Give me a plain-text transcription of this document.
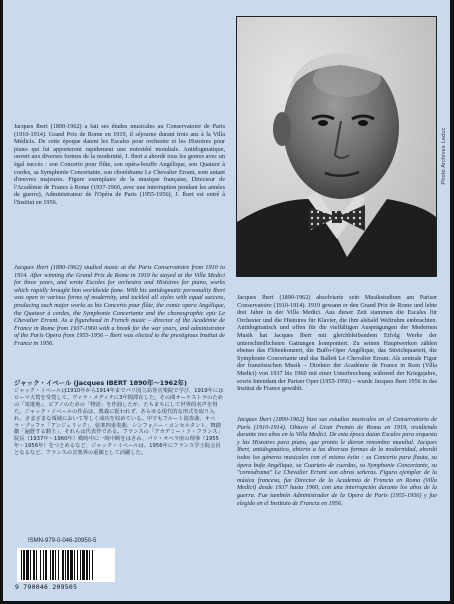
Photo Archives Leduc

Jacques Ibert (1890-1962) a fait ses études musicales au Conservatoire de Paris (1910-1914). Grand Prix de Rome en 1919, il séjourne durant trois ans à la Villa Médicis. De cette époque datent les Escales pour orchestre et les Histoires pour piano qui lui apporteront rapidement une notoriété mondiale. Antidogmatique, ouvert aux diverses formes de la modernité, J. Ibert a abordé tous les genres avec un égal succès : son Concerto pour flûte, son opéra-bouffe Angélique, son Quatuor à cordes, sa Symphonie Concertante, son chorédrame Le Chevalier Errant, sont autant d'œuvres majeures. Figure exemplaire de la musique française, Directeur de l'Académie de France à Rome (1937-1960, avec une interruption pendant les années de guerre), Administrateur de l'Opéra de Paris (1955-1956), J. Ibert est entré à l'Institut en 1956.

Jacques Ibert (1890-1962) studied music at the Paris Conservatoire from 1910 to 1914. After winning the Grand Prix de Rome in 1919 he stayed at the Villa Medici for three years, and wrote Escales for orchestra and Histoires for piano, works which rapidly brought him worldwide fame. With his antidogmatic personality Ibert was open to various forms of modernity, and tackled all styles with equal success, producing such major works as his Concerto pour flûte, the comic opera Angélique, the Quatuor à cordes, the Symphonie Concertante and the choreographic epic Le Chevalier Errant. As a figurehead in French music – director of the Académie de France in Rome from 1937-1960 with a break for the war years, and administrator of the Paris Opera from 1955-1956 – Ibert was elected to the prestigious Institut de France in 1956.

ジャック・イベール (Jacques IBERT 1890年〜1962年)

ジャック・イベールは1910年から1914年までパリ国立高等音楽院で学び、1919年にはローマ大賞を受賞して、ヴィラ・メディチに3年間滞在した。その間オーケストラのための「寄港地」、ピアノのための「物語」を作曲したが、たちまちにして世界的名声を得た。ジャック・イベールの作品は、教義に捉われず、あらゆる現代的な形式を取り入れ、さまざまな領域において等しく成功を収めている。中でもフルート協奏曲、オペラ・ブッファ「アンジェリック」、弦楽四重奏曲、シンフォニー・コンセルタント、舞踏劇「遍歴する騎士」、それらは代表作である。フランスの「アカデミー・ド・フランス」院長（1937年〜1960年）戦時中に一時中断をはさみ、パリ・オペラ座の理事（1955年〜1956年）をつとめるなど、ジャック・イベールは、1956年にフランス学士院会員となるなど、フランスの音楽界の重鎮として活躍した。

Jacques Ibert (1890-1962) absolvierte sein Musikstudium am Pariser Conservatoire (1910-1914). 1919 gewann er den Grand Prix de Rome und lebte drei Jahre in der Villa Medici. Aus dieser Zeit stammen die Escales für Orchester und die Histoires für Klavier, die ihm alsbald Weltruhm einbrachten. Antidogmatisch und offen für die vielfältigen Ausprägungen der Modernen Musik hat Jacques Ibert mit gleichbleibendem Erfolg Werke der unterschiedlichsten Gattungen komponiert. Zu seinen Hauptwerken zählen ebenso das Flötenkonzert, die Buffo-Oper Angélique, das Streichquartett, die Symphonie Concertante und das Ballett Le Chevalier Errant. Als zentrale Figur der französischen Musik – Direktor der Académie de France in Rom (Villa Medici) von 1937 bis 1960 mit einer Unterbrechung während der Kriegsjahre, sowie Intendant der Pariser Oper (1955-1956) – wurde Jacques Ibert 1956 in das Institut de France gewählt.

Jacques Ibert (1890-1962) hizo sus estudios musicales en el Conservatorio de París (1910-1914). Obtuvo el Gran Premio de Roma en 1919, residiendo durante tres años en la Villa Medici. De esta época datan Escales para orquesta y las Histoires para piano, que pronto le dieron renombre mundial. Jacques Ibert, antidogmático, abierto a las diversas formas de la modernidad, abordó todos los géneros musicales con el mismo éxito : su Concerto para flauta, su ópera bufa Angélique, su Cuarteto de cuerdas, su Symphonie Concertante, su "coreodrama" Le Chevalier Errant son obras señeras. Figura ejemplar de la música francesa, fue Director de la Academia de Francia en Roma (Villa Medici) desde 1937 hasta 1960, con una interrupción durante los años de la guerra. Fue también Administrador de la Opera de Paris (1955-1956) y fue elegido en el Instituto de Francia en 1956.

ISMN-979-0-046-20950-5
9 790046 209505
